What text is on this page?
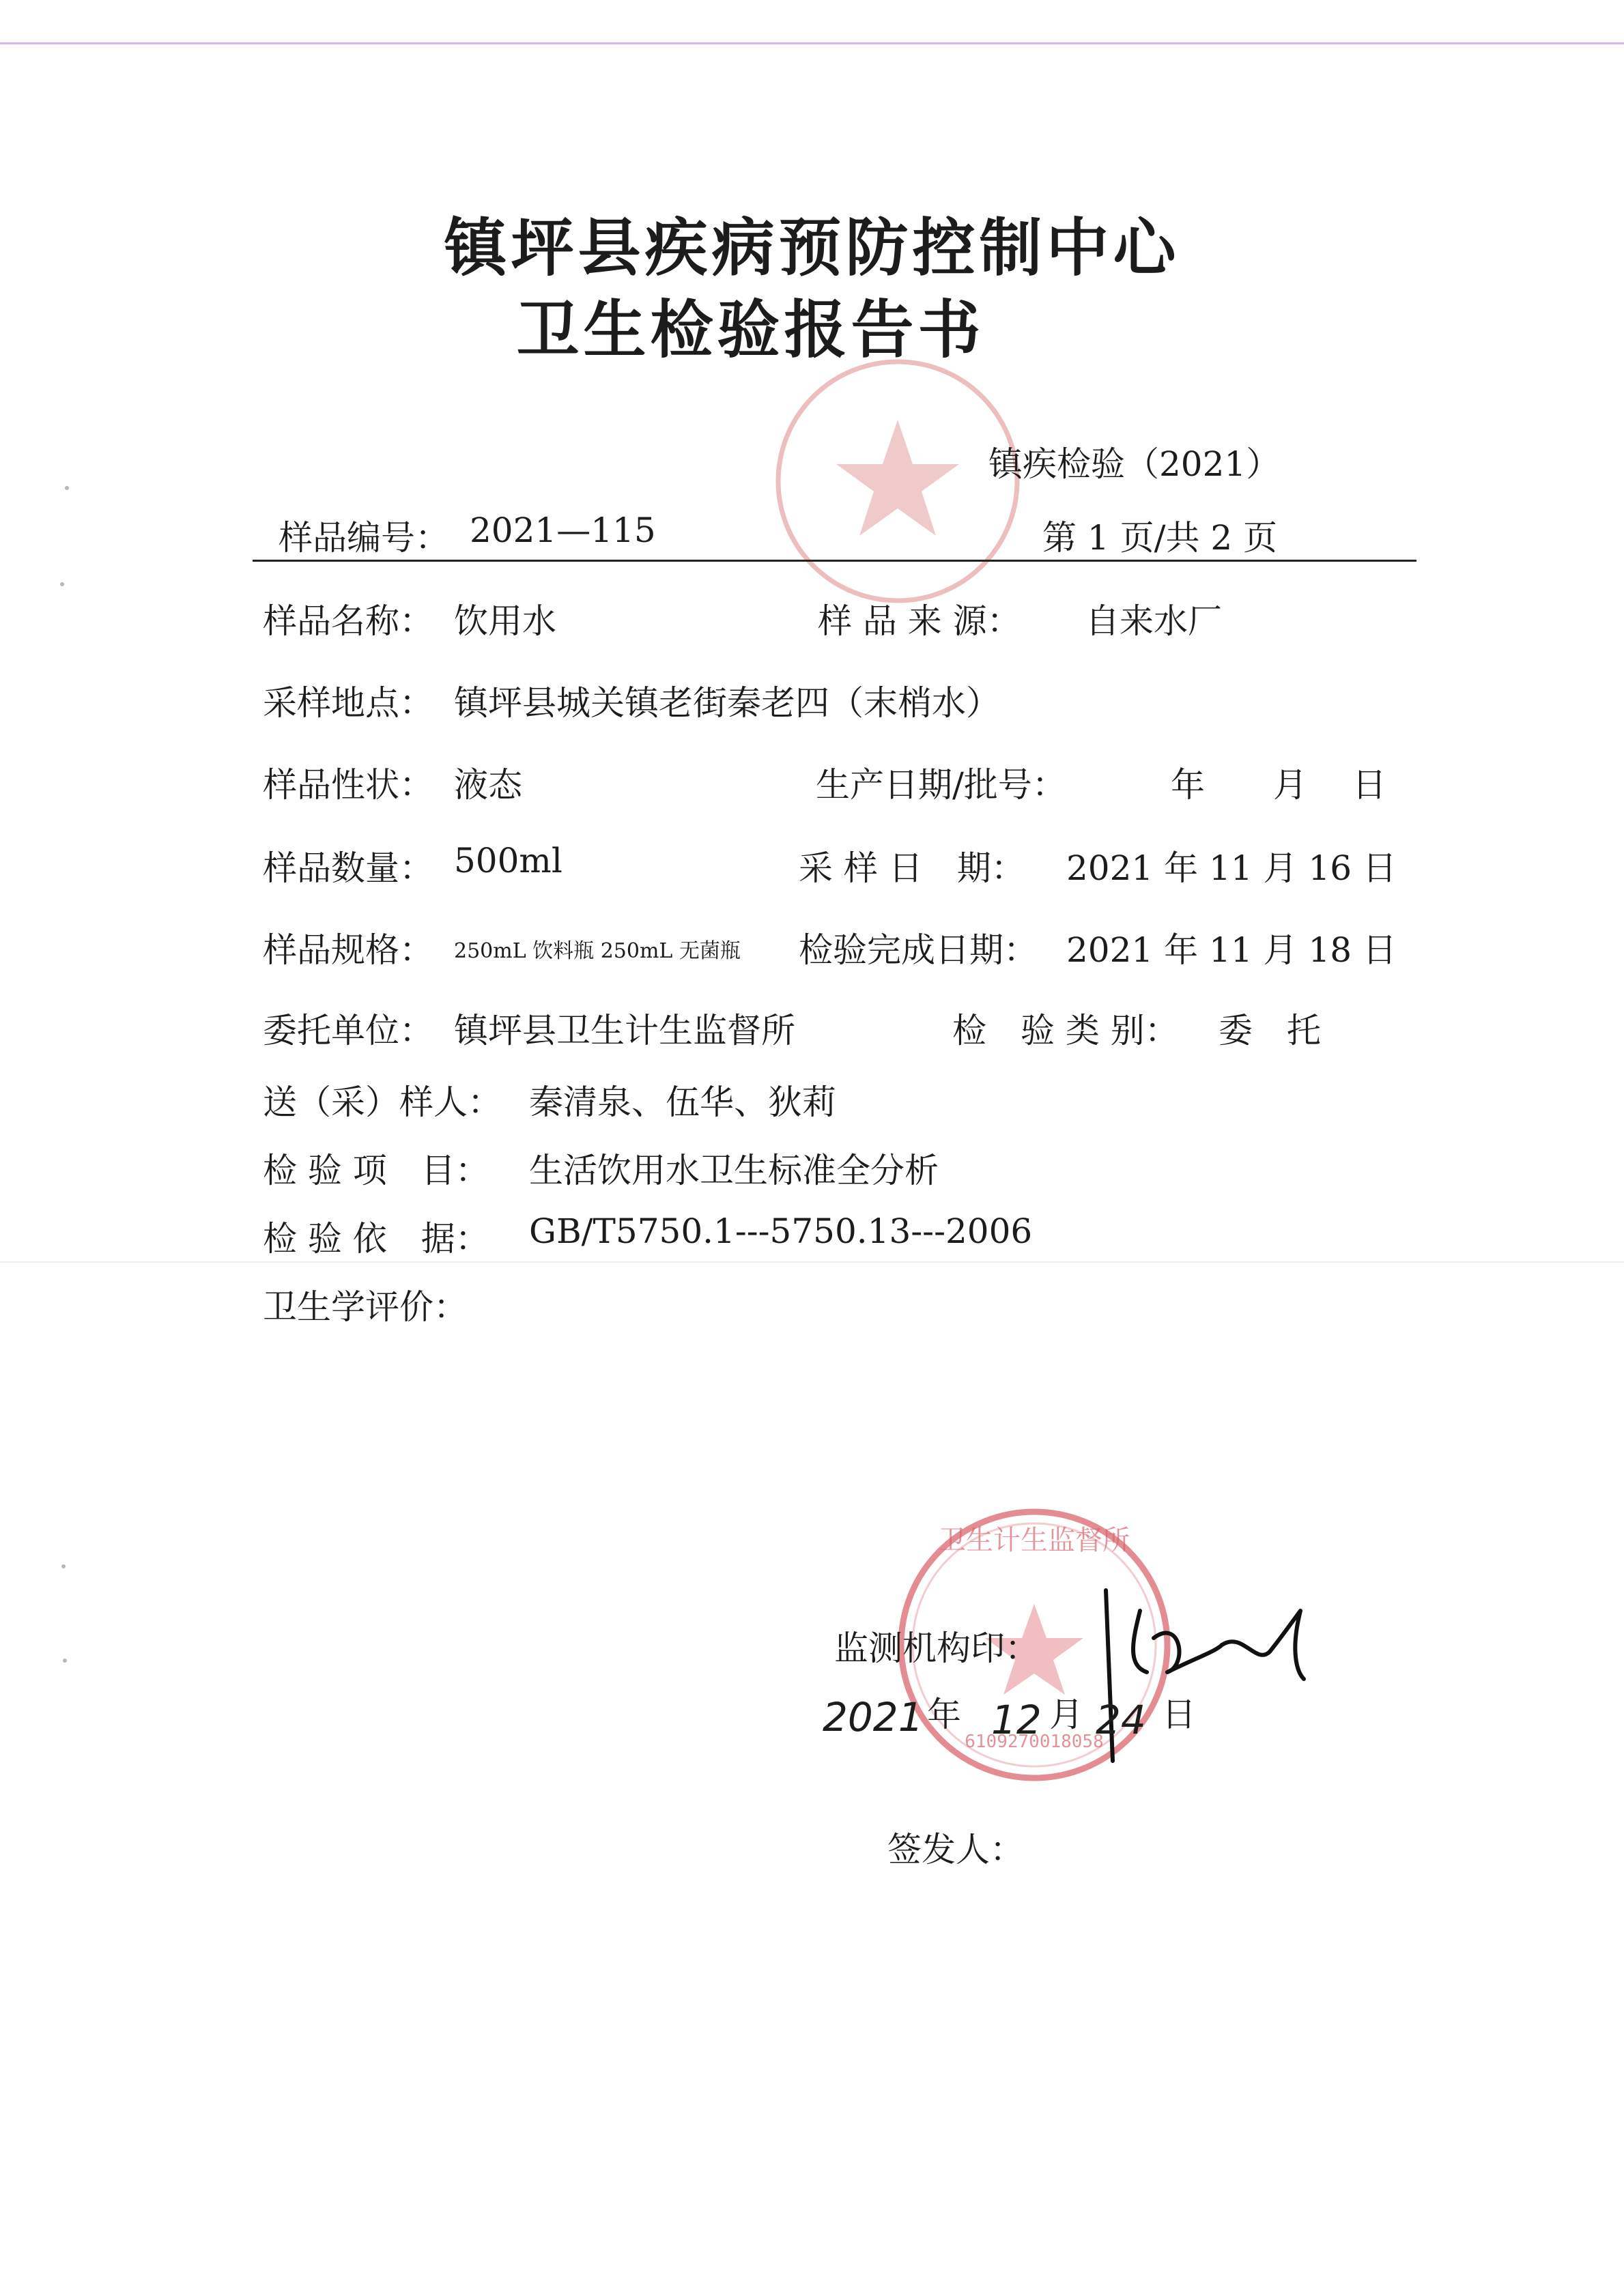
镇坪县疾病预防控制中心
卫生检验报告书
镇疾检验（2021）
样品编号： 2021—115	第 1 页/共 2 页
样品名称： 饮用水	样 品 来 源： 自来水厂
采样地点： 镇坪县城关镇老街秦老四（末梢水）
样品性状： 液态	生产日期/批号：	年　　月　 日
样品数量： 500ml	采 样 日　期： 2021 年 11 月 16 日
样品规格： 250mL 饮料瓶 250mL 无菌瓶 检验完成日期： 2021 年 11 月 18 日
委托单位： 镇坪县卫生计生监督所	检　验 类 别： 委　托
送（采）样人： 秦清泉、伍华、狄莉
检 验 项　目： 生活饮用水卫生标准全分析
检 验 依　据： GB/T5750.1---5750.13---2006
卫生学评价：
卫生计生监督所
6109270018058
监测机构印：
2021 年 12 月 24 日
签发人：
